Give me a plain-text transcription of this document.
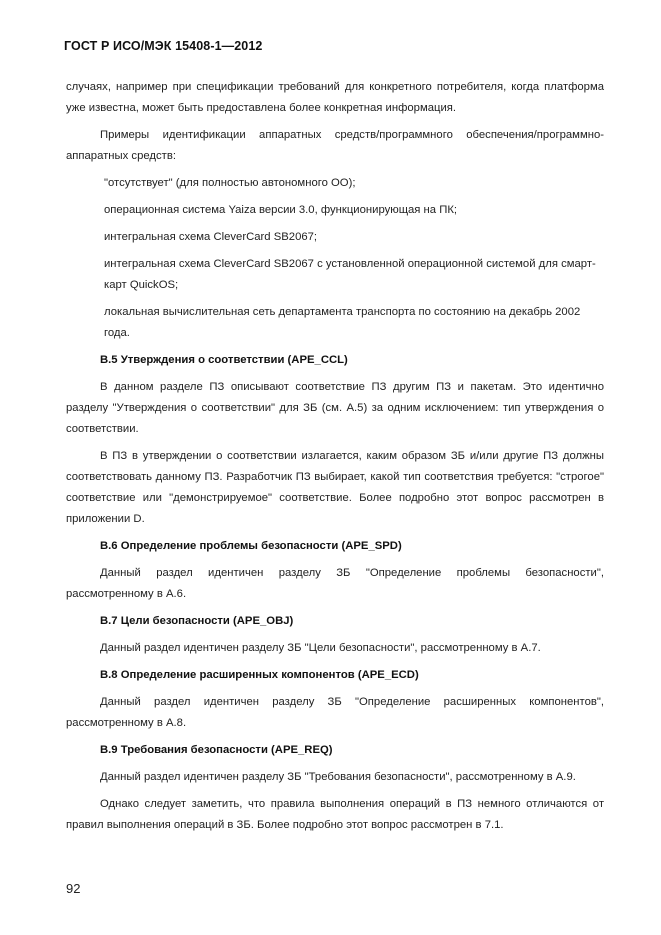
ГОСТ Р ИСО/МЭК 15408-1—2012

случаях, например при спецификации требований для конкретного потребителя, когда платформа уже известна, может быть предоставлена более конкретная информация.

Примеры идентификации аппаратных средств/программного обеспечения/программно-аппаратных средств:

"отсутствует" (для полностью автономного ОО);
операционная система Yaiza версии 3.0, функционирующая на ПК;
интегральная схема CleverCard SB2067;
интегральная схема CleverCard SB2067 с установленной операционной системой для смарт-карт QuickOS;
локальная вычислительная сеть департамента транспорта по состоянию на декабрь 2002 года.

B.5 Утверждения о соответствии (APE_CCL)

В данном разделе ПЗ описывают соответствие ПЗ другим ПЗ и пакетам. Это идентично разделу "Утверждения о соответствии" для ЗБ (см. А.5) за одним исключением: тип утверждения о соответствии.

В ПЗ в утверждении о соответствии излагается, каким образом ЗБ и/или другие ПЗ должны соответствовать данному ПЗ. Разработчик ПЗ выбирает, какой тип соответствия требуется: "строгое" соответствие или "демонстрируемое" соответствие. Более подробно этот вопрос рассмотрен в приложении D.

B.6 Определение проблемы безопасности (APE_SPD)

Данный раздел идентичен разделу ЗБ "Определение проблемы безопасности", рассмотренному в А.6.

B.7 Цели безопасности (APE_OBJ)

Данный раздел идентичен разделу ЗБ "Цели безопасности", рассмотренному в А.7.

B.8 Определение расширенных компонентов (APE_ECD)

Данный раздел идентичен разделу ЗБ "Определение расширенных компонентов", рассмотренному в А.8.

B.9 Требования безопасности (APE_REQ)

Данный раздел идентичен разделу ЗБ "Требования безопасности", рассмотренному в А.9.

Однако следует заметить, что правила выполнения операций в ПЗ немного отличаются от правил выполнения операций в ЗБ. Более подробно этот вопрос рассмотрен в 7.1.

92
